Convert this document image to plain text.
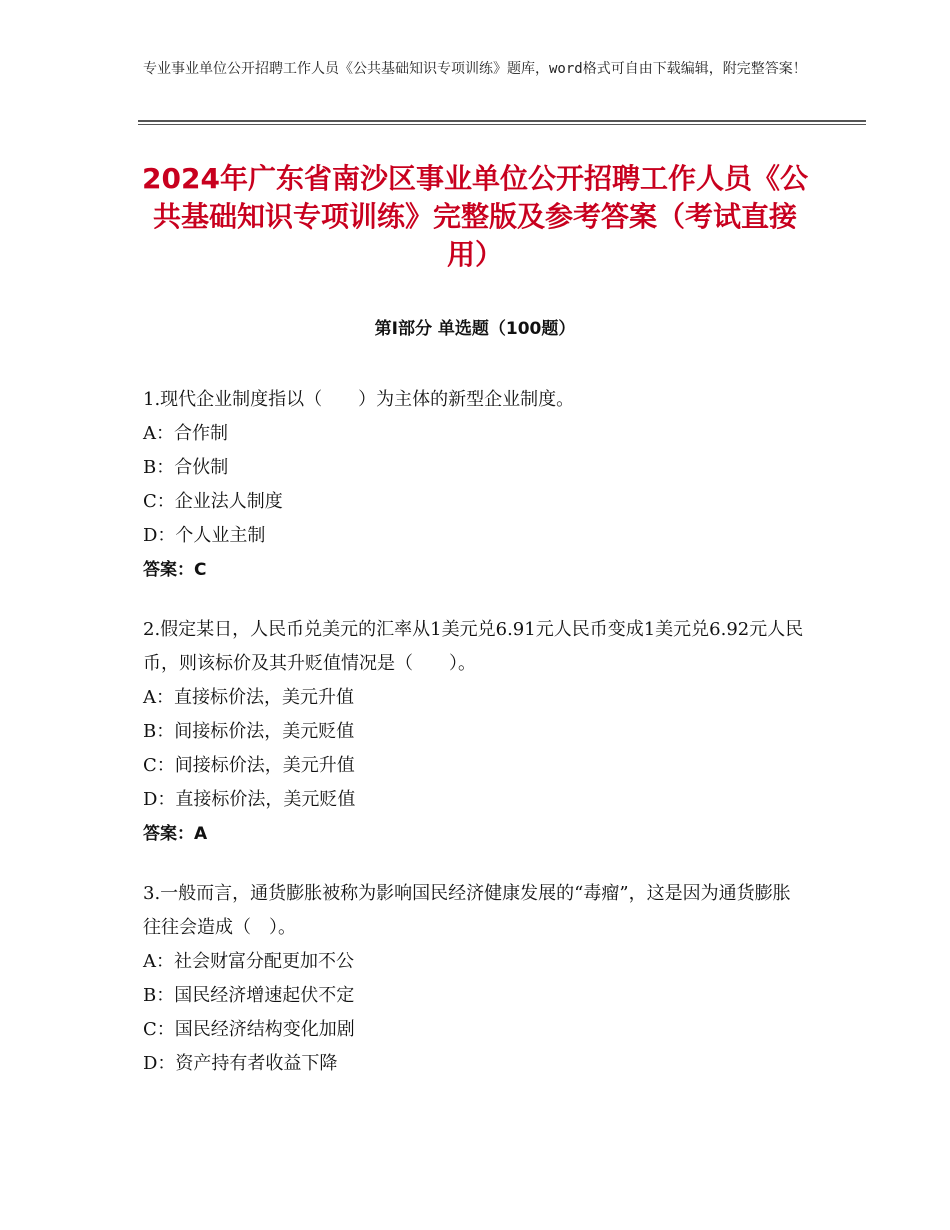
专业事业单位公开招聘工作人员《公共基础知识专项训练》题库，word格式可自由下载编辑，附完整答案！
2024年广东省南沙区事业单位公开招聘工作人员《公共基础知识专项训练》完整版及参考答案（考试直接用）
第Ⅰ部分 单选题（100题）

1.现代企业制度指以（　　）为主体的新型企业制度。

A：合作制

B：合伙制

C：企业法人制度

D：个人业主制

答案：C

2.假定某日，人民币兑美元的汇率从1美元兑6.91元人民币变成1美元兑6.92元人民币，则该标价及其升贬值情况是（　　）。

A：直接标价法，美元升值

B：间接标价法，美元贬值

C：间接标价法，美元升值

D：直接标价法，美元贬值

答案：A

3.一般而言，通货膨胀被称为影响国民经济健康发展的“毒瘤”，这是因为通货膨胀往往会造成（　）。

A：社会财富分配更加不公

B：国民经济增速起伏不定

C：国民经济结构变化加剧

D：资产持有者收益下降
